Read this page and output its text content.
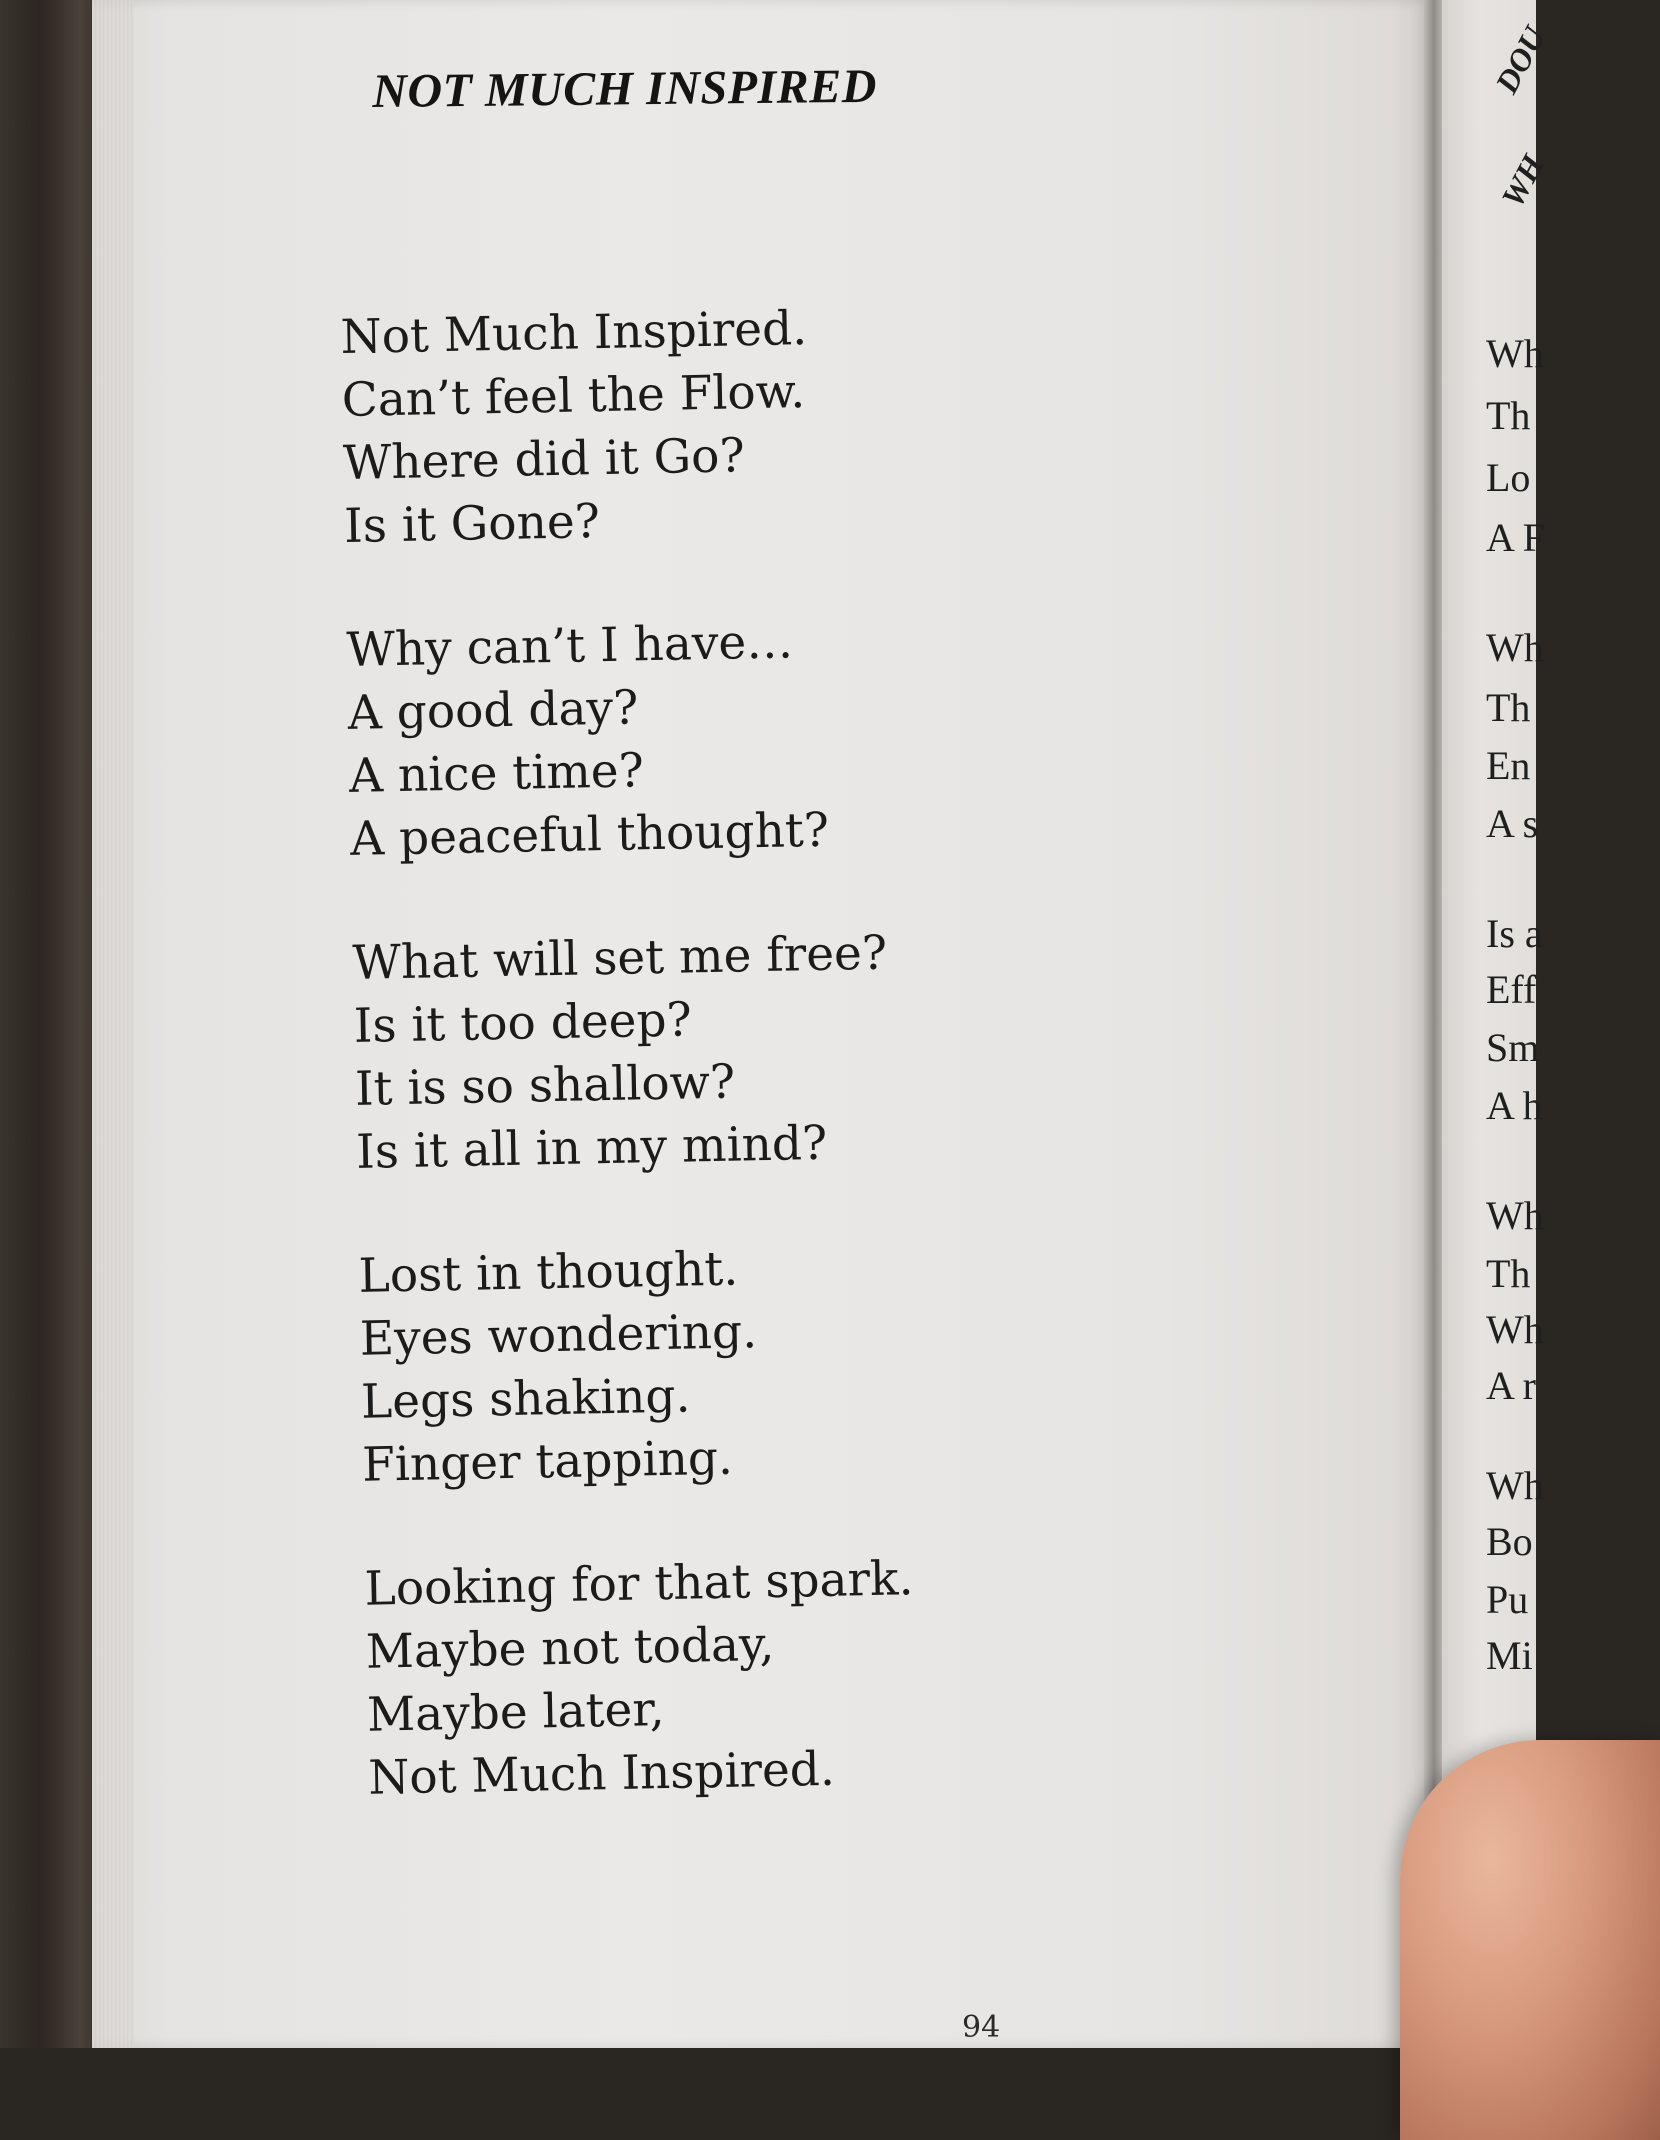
NOT MUCH INSPIRED
Not Much Inspired.
Can’t feel the Flow.
Where did it Go?
Is it Gone?
Why can’t I have…
A good day?
A nice time?
A peaceful thought?
What will set me free?
Is it too deep?
It is so shallow?
Is it all in my mind?
Lost in thought.
Eyes wondering.
Legs shaking.
Finger tapping.
Looking for that spark.
Maybe not today,
Maybe later,
Not Much Inspired.
94
DOU
WH
Wh
Th
Lo
A F
Wh
Th
En
A s
Is a
Eff
Sm
A h
Wh
Th
Wh
A r
Wh
Bo
Pu
Mi
